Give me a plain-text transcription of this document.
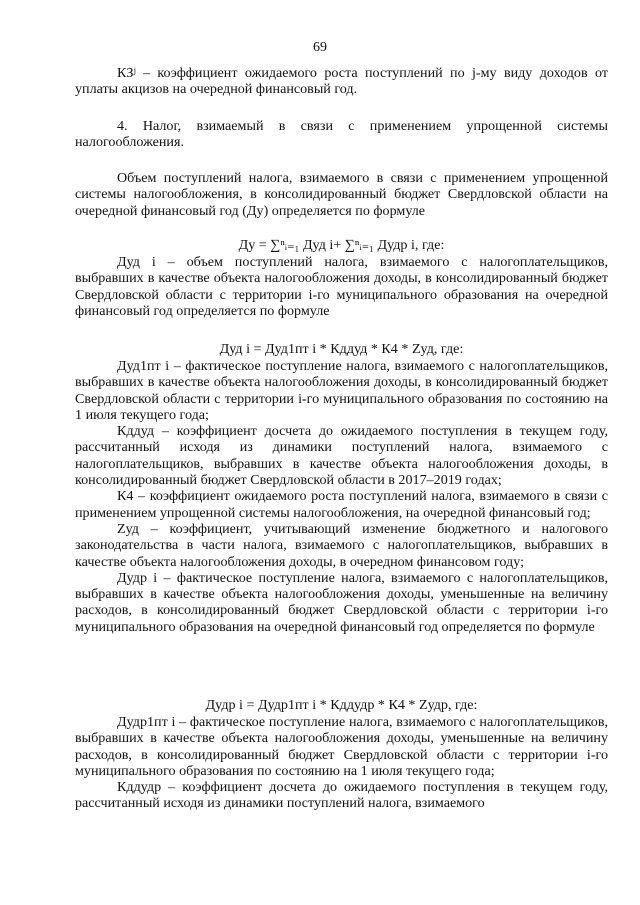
69

КЗʲ – коэффициент ожидаемого роста поступлений по j-му виду доходов от уплаты акцизов на очередной финансовый год.

4. Налог, взимаемый в связи с применением упрощенной системы налогообложения.

Объем поступлений налога, взимаемого в связи с применением упрощенной системы налогообложения, в консолидированный бюджет Свердловской области на очередной финансовый год (Ду) определяется по формуле

Ду = ∑ⁿᵢ₌₁ Дуд i+ ∑ⁿᵢ₌₁ Дудр i, где:

Дуд i – объем поступлений налога, взимаемого с налогоплательщиков, выбравших в качестве объекта налогообложения доходы, в консолидированный бюджет Свердловской области с территории i-го муниципального образования на очередной финансовый год определяется по формуле

Дуд i = Дуд1пт i * Кддуд * К4 * Zуд, где:

Дуд1пт i – фактическое поступление налога, взимаемого с налогоплательщиков, выбравших в качестве объекта налогообложения доходы, в консолидированный бюджет Свердловской области с территории i-го муниципального образования по состоянию на 1 июля текущего года;

Кддуд – коэффициент досчета до ожидаемого поступления в текущем году, рассчитанный исходя из динамики поступлений налога, взимаемого с налогоплательщиков, выбравших в качестве объекта налогообложения доходы, в консолидированный бюджет Свердловской области в 2017–2019 годах;

К4 – коэффициент ожидаемого роста поступлений налога, взимаемого в связи с применением упрощенной системы налогообложения, на очередной финансовый год;

Zуд – коэффициент, учитывающий изменение бюджетного и налогового законодательства в части налога, взимаемого с налогоплательщиков, выбравших в качестве объекта налогообложения доходы, в очередном финансовом году;

Дудр i – фактическое поступление налога, взимаемого с налогоплательщиков, выбравших в качестве объекта налогообложения доходы, уменьшенные на величину расходов, в консолидированный бюджет Свердловской области с территории i-го муниципального образования на очередной финансовый год определяется по формуле

Дудр i = Дудр1пт i * Кддудр * К4 * Zудр, где:

Дудр1пт i – фактическое поступление налога, взимаемого с налогоплательщиков, выбравших в качестве объекта налогообложения доходы, уменьшенные на величину расходов, в консолидированный бюджет Свердловской области с территории i-го муниципального образования по состоянию на 1 июля текущего года;

Кддудр – коэффициент досчета до ожидаемого поступления в текущем году, рассчитанный исходя из динамики поступлений налога, взимаемого
